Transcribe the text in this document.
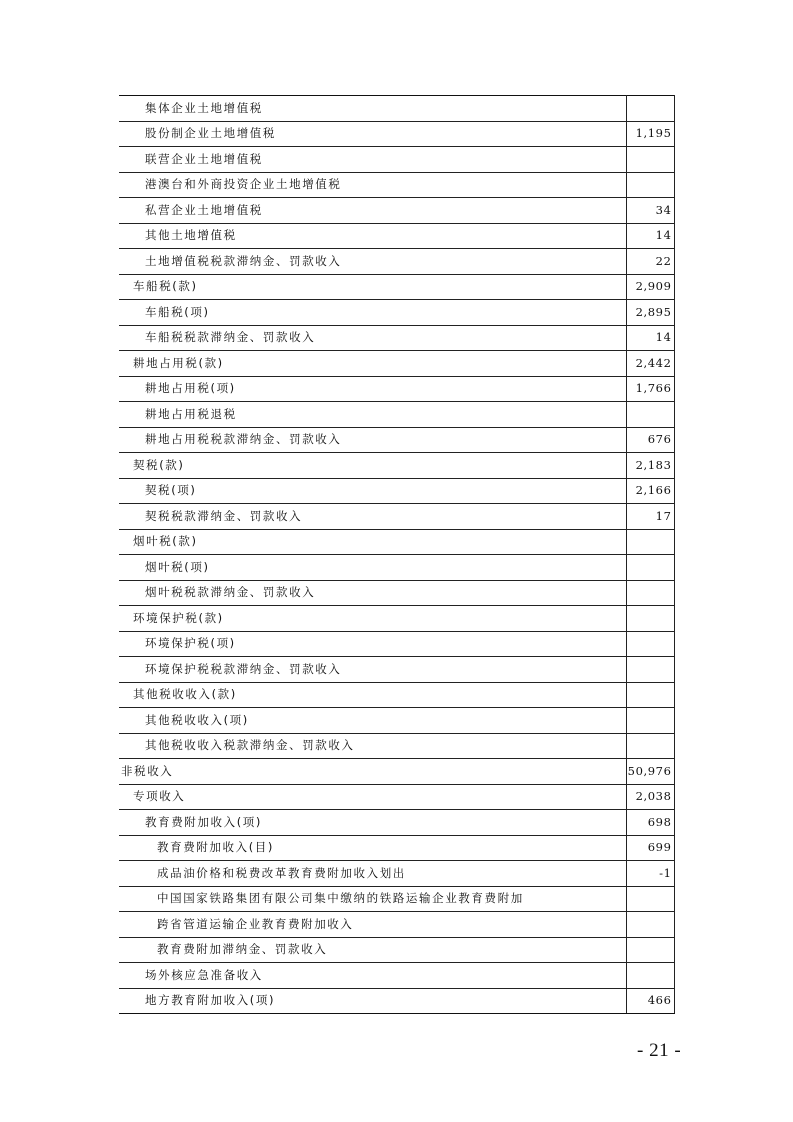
集体企业土地增值税	
股份制企业土地增值税	1,195
联营企业土地增值税	
港澳台和外商投资企业土地增值税	
私营企业土地增值税	34
其他土地增值税	14
土地增值税税款滞纳金、罚款收入	22
车船税(款)	2,909
车船税(项)	2,895
车船税税款滞纳金、罚款收入	14
耕地占用税(款)	2,442
耕地占用税(项)	1,766
耕地占用税退税	
耕地占用税税款滞纳金、罚款收入	676
契税(款)	2,183
契税(项)	2,166
契税税款滞纳金、罚款收入	17
烟叶税(款)	
烟叶税(项)	
烟叶税税款滞纳金、罚款收入	
环境保护税(款)	
环境保护税(项)	
环境保护税税款滞纳金、罚款收入	
其他税收收入(款)	
其他税收收入(项)	
其他税收收入税款滞纳金、罚款收入	
非税收入	50,976
专项收入	2,038
教育费附加收入(项)	698
教育费附加收入(目)	699
成品油价格和税费改革教育费附加收入划出	-1
中国国家铁路集团有限公司集中缴纳的铁路运输企业教育费附加	
跨省管道运输企业教育费附加收入	
教育费附加滞纳金、罚款收入	
场外核应急准备收入	
地方教育附加收入(项)	466
- 21 -
